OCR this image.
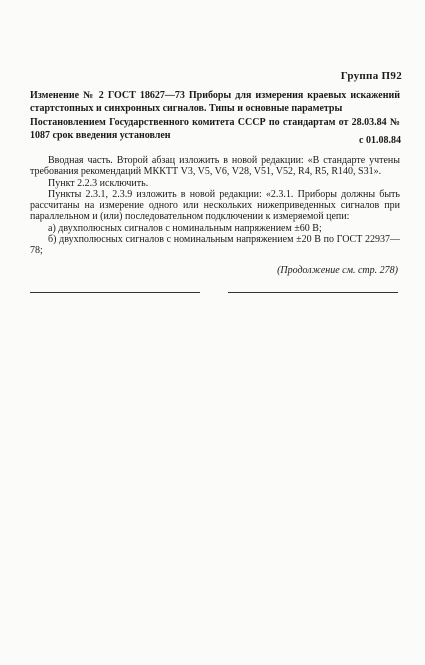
Группа П92
Изменение № 2 ГОСТ 18627—73 Приборы для измерения краевых искажений стартстопных и синхронных сигналов. Типы и основные параметры
Постановлением Государственного комитета СССР по стандартам от 28.03.84 № 1087 срок введения установлен	с 01.08.84

Вводная часть. Второй абзац изложить в новой редакции: «В стандарте учтены требования рекомендаций МККТТ V3, V5, V6, V28, V51, V52, R4, R5, R140, S31».

Пункт 2.2.3 исключить.

Пункты 2.3.1, 2.3.9 изложить в новой редакции: «2.3.1. Приборы должны быть рассчитаны на измерение одного или нескольких нижеприведенных сигналов при параллельном и (или) последовательном подключении к измеряемой цепи:

а) двухполюсных сигналов с номинальным напряжением ±60 В;

б) двухполюсных сигналов с номинальным напряжением ±20 В по ГОСТ 22937—78;

(Продолжение см. стр. 278)
